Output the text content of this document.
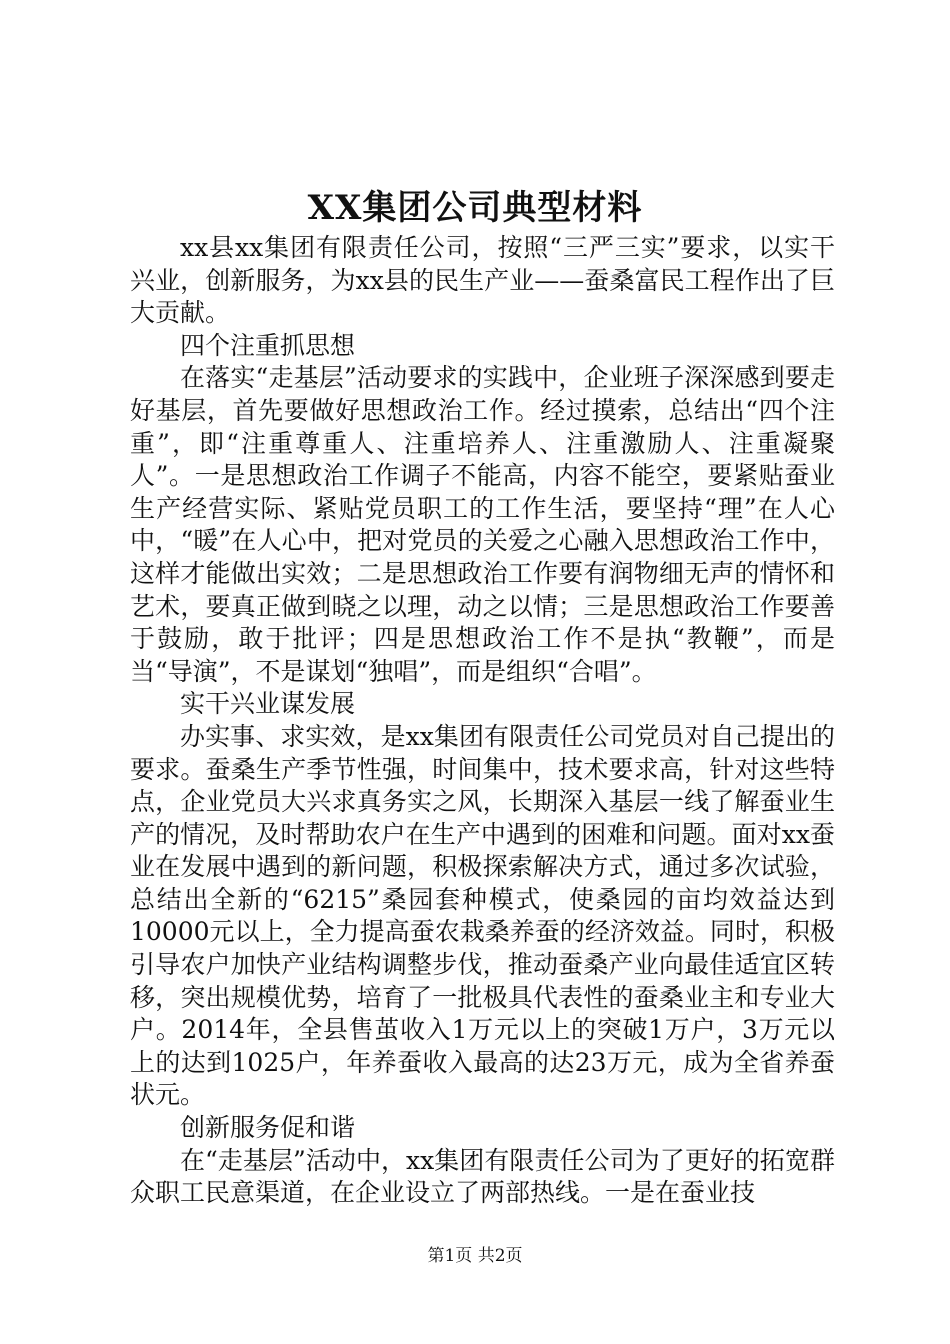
XX集团公司典型材料

xx县xx集团有限责任公司，按照“三严三实”要求，以实干兴业，创新服务，为xx县的民生产业——蚕桑富民工程作出了巨大贡献。

四个注重抓思想

在落实“走基层”活动要求的实践中，企业班子深深感到要走好基层，首先要做好思想政治工作。经过摸索，总结出“四个注重”，即“注重尊重人、注重培养人、注重激励人、注重凝聚人”。一是思想政治工作调子不能高，内容不能空，要紧贴蚕业生产经营实际、紧贴党员职工的工作生活，要坚持“理”在人心中，“暖”在人心中，把对党员的关爱之心融入思想政治工作中，这样才能做出实效；二是思想政治工作要有润物细无声的情怀和艺术，要真正做到晓之以理，动之以情；三是思想政治工作要善于鼓励，敢于批评；四是思想政治工作不是执“教鞭”，而是当“导演”，不是谋划“独唱”，而是组织“合唱”。

实干兴业谋发展

办实事、求实效，是xx集团有限责任公司党员对自己提出的要求。蚕桑生产季节性强，时间集中，技术要求高，针对这些特点，企业党员大兴求真务实之风，长期深入基层一线了解蚕业生产的情况，及时帮助农户在生产中遇到的困难和问题。面对xx蚕业在发展中遇到的新问题，积极探索解决方式，通过多次试验，总结出全新的“6215”桑园套种模式，使桑园的亩均效益达到10000元以上，全力提高蚕农栽桑养蚕的经济效益。同时，积极引导农户加快产业结构调整步伐，推动蚕桑产业向最佳适宜区转移，突出规模优势，培育了一批极具代表性的蚕桑业主和专业大户。2014年，全县售茧收入1万元以上的突破1万户，3万元以上的达到1025户，年养蚕收入最高的达23万元，成为全省养蚕状元。

创新服务促和谐

在“走基层”活动中，xx集团有限责任公司为了更好的拓宽群众职工民意渠道，在企业设立了两部热线。一是在蚕业技

第1页 共2页
